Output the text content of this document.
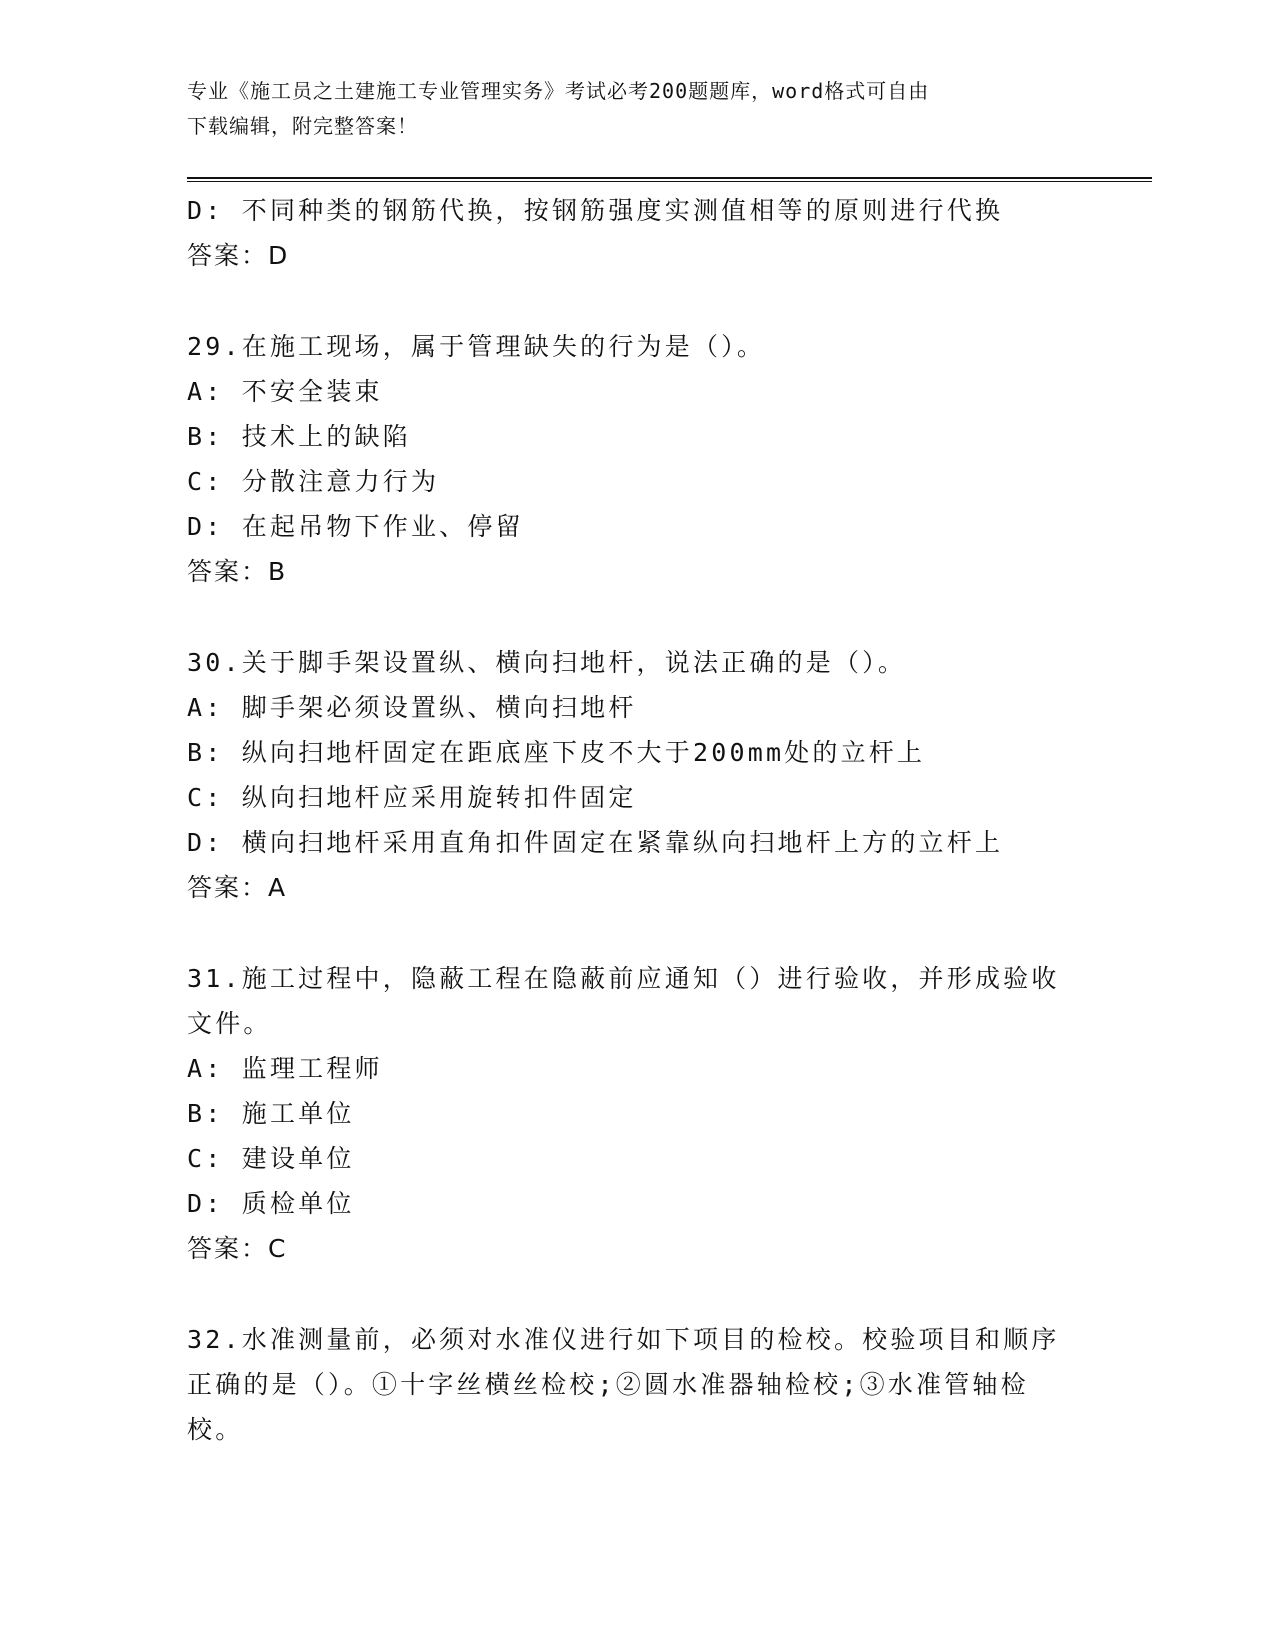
专业《施工员之土建施工专业管理实务》考试必考200题题库，word格式可自由
下载编辑，附完整答案！
D: 不同种类的钢筋代换，按钢筋强度实测值相等的原则进行代换
答案：D
29.在施工现场，属于管理缺失的行为是（）。
A: 不安全装束
B: 技术上的缺陷
C: 分散注意力行为
D: 在起吊物下作业、停留
答案：B
30.关于脚手架设置纵、横向扫地杆，说法正确的是（）。
A: 脚手架必须设置纵、横向扫地杆
B: 纵向扫地杆固定在距底座下皮不大于200mm处的立杆上
C: 纵向扫地杆应采用旋转扣件固定
D: 横向扫地杆采用直角扣件固定在紧靠纵向扫地杆上方的立杆上
答案：A
31.施工过程中，隐蔽工程在隐蔽前应通知（）进行验收，并形成验收
文件。
A: 监理工程师
B: 施工单位
C: 建设单位
D: 质检单位
答案：C
32.水准测量前，必须对水准仪进行如下项目的检校。校验项目和顺序
正确的是（）。①十字丝横丝检校;②圆水准器轴检校;③水准管轴检
校。
